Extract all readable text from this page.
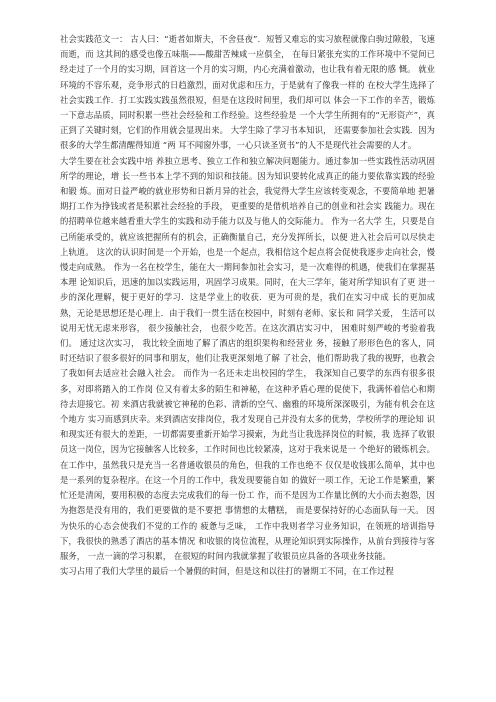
社会实践范文一： 古人曰：“逝者如斯夫，不舍昼夜”．短暂又难忘的实习旅程就像白驹过隙般，飞速而逝，而 这其间的感受也像五味瓶——酸甜苦辣咸一应俱全， 在每日紧张充实的工作环境中不觉间已 经走过了一个月的实习期，回首这一个月的实习期，内心充满着激动，也让我有着无限的感 慨。 就业环境的不容乐观，竞争形式的日趋激烈，面对优虑和压力，于是就有了像我一样的 在校大学生选择了社会实践工作．打工实践实践虽然很短，但是在这段时间里，我们却可以 体会一下工作的辛苦，锻炼一下意志品质，同时积累一些社会经验和工作经验。这些经验是 一个大学生所拥有的“无形资产”，真正到了关键时刻，它们的作用就会显现出来。 大学生除了学习书本知识， 还需要参加社会实践．因为很多的大学生都清醒得知道 “两 耳不闻窗外事，一心只读圣贤书”的人不是现代社会需要的人才。

大学生要在社会实践中培 养独立思考、独立工作和独立解决问题能力。通过参加一些实践性活动巩固所学的理论，增 长一些书本上学不到的知识和技能。因为知识要转化成真正的能力要依靠实践的经验和锻 炼。面对日益严峻的就业形势和日新月异的社会，我觉得大学生应该转变观念，不要简单地 把暑期打工作为挣钱或者是积累社会经验的手段， 更重要的是借机培养自己的创业和社会实 践能力。现在的招聘单位越来越看重大学生的实践和动手能力以及与他人的交际能力。 作为一名大学 生，只要是自己所能承受的，就应该把握所有的机会，正确衡量自己，充分发挥所长，以便 进入社会后可以尽快走上轨道。 这次的认识时间是一个开始，也是一个起点，我相信这个起点将会促使我逐步走向社会，慢 慢走向成熟。 作为一名在校学生，能在大一期间参加社会实习，是一次难得的机遇，使我们在掌握基本理 论知识后，迅速的加以实践运用，巩固学习成果。同时，在大三学年，能对所学知识有了更 进一步的深化理解，便于更好的学习．这是学业上的收获．更为可贵的是，我们在实习中成 长的更加成熟，无论是思想还是心理上．由于我们一贯生活在校园中，时刻有老师、家长和 同学关爱， 生活可以说用无忧无虑来形容， 很少接触社会， 也很少吃苦。在这次酒店实习中， 困难时刻严峻的考验着我们。 通过这次实习， 我比较全面地了解了酒店的组织架构和经营业 务，接触了形形色色的客人，同时还结识了很多很好的同事和朋友，他们让我更深刻地了解 了社会，他们帮助我了我的视野，也教会了我如何去适应社会融入社会。 而作为一名还未走出校园的学生， 我深知自己要学的东西有很多很多，对即将踏入的工作岗 位又有着太多的陌生和神秘，在这种矛盾心理的促使下，我满怀着信心和期待去迎接它。初 来酒店我就被它神秘的色彩、清新的空气、幽雅的环境所深深吸引，为能有机会在这个地方 实习而感到庆幸。来到酒店安排岗位，我才发现自己并没有太多的优势，学校所学的理论知 识和现实还有很大的差距，一切都需要重新开始学习摸索，为此当让我选择岗位的时候，我 选择了收银员这一岗位，因为它接触客人比较多，工作时间也比较紧凑，这对于我来说是一 个绝好的锻炼机会。在工作中，虽然我只是充当一名普通收银员的角色，但我的工作也绝不 仅仅是收钱那么简单，其中也是一系列的复杂程序。在这一个月的工作中，我发现要能自如 的做好一项工作，无论工作是繁重，繁忙还是清闲，要用积极的态度去完成我们的每一份工 作，而不是因为工作量比例的大小而去抱怨，因为抱怨是没有用的，我们更要做的是不要把 事情想的太糟糕， 而是要保持好的心态面队每一天。 因为快乐的心态会使我们不觉的工作的 疲惫与乏味， 工作中我则者学习业务知识，在领班的培训指导下，我很快的熟悉了酒店的基本情况 和收银的岗位流程，从理论知识到实际操作，从前台到接待与客服务， 一点一滴的学习积累， 在很短的时间内我就掌握了收银员应具备的各项业务技能。

实习占用了我们大学里的最后一个暑假的时间，但是这和以往打的暑期工不同，在工作过程
